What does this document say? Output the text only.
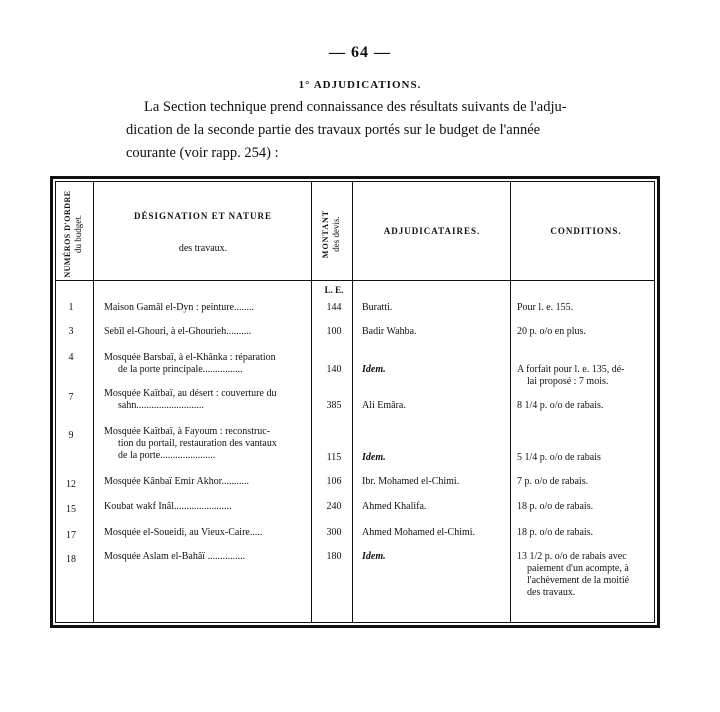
— 64 —
1° ADJUDICATIONS.
La Section technique prend connaissance des résultats suivants de l'adju-
dication de la seconde partie des travaux portés sur le budget de l'année
courante (voir rapp. 254) :
NUMÉROS D'ORDRE du budget.	DÉSIGNATION ET NATURE
des travaux.	MONTANT des devis.	ADJUDICATAIRES.	CONDITIONS.
L. E.
1	Maison Gamâl el-Dyn : peinture........	144	Buratti.	Pour l. e. 155.
3	Sebîl el-Ghouri, à el-Ghourieh..........	100	Badir Wahba.	20 p. o/o en plus.
4	Mosquée Barsbaï, à el-Khânka : réparation
de la porte principale................	140	Idem.	A forfait pour l. e. 135, dé-
lai proposé : 7 mois.
7	Mosquée Kaïtbaï, au désert : couverture du
sahn...........................	385	Ali Emâra.	8 1/4 p. o/o de rabais.
9	Mosquée Kaïtbaï, à Fayoum : reconstruc-
tion du portail, restauration des vantaux
de la porte......................	115	Idem.	5 1/4 p. o/o de rabais
12	Mosquée Kânbaï Emir Akhor...........	106	Ibr. Mohamed el-Chimi.	7 p. o/o de rabais.
15	Koubat wakf Inâl.......................	240	Ahmed Khalifa.	18 p. o/o de rabais.
17	Mosquée el-Soueidi, au Vieux-Caire.....	300	Ahmed Mohamed el-Chimi.	18 p. o/o de rabais.
18	Mosquée Aslam el-Bahâï ...............	180	Idem.	13 1/2 p. o/o de rabais avec
paiement d'un acompte, à
l'achèvement de la moitié
des travaux.
